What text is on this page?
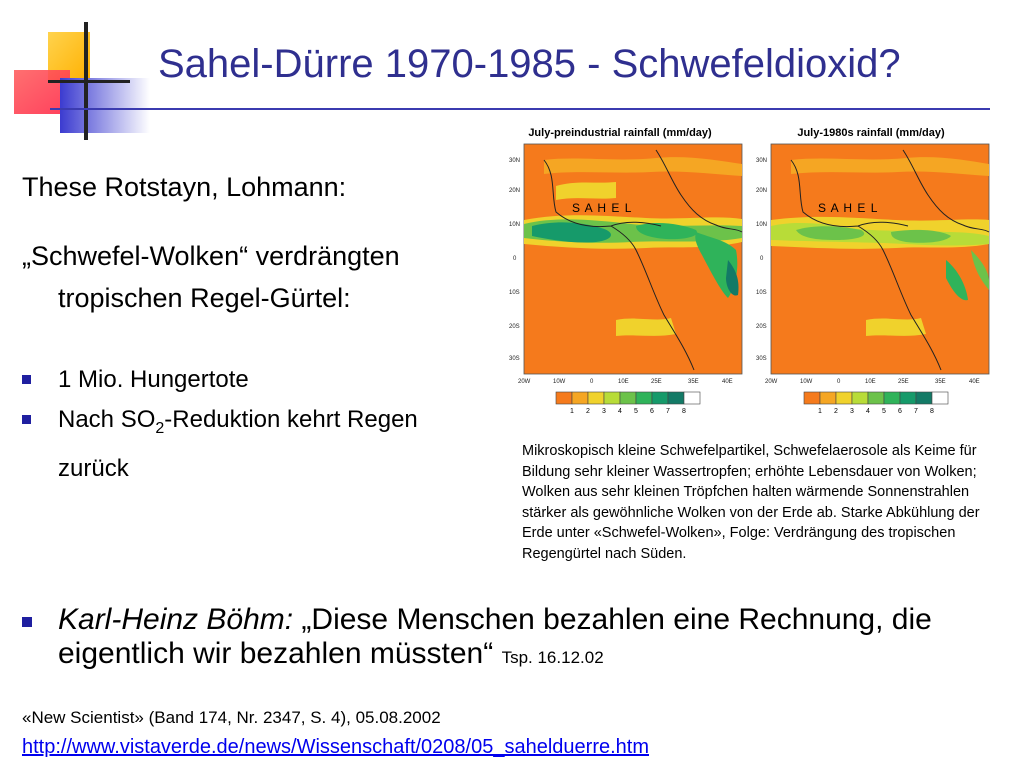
Sahel-Dürre 1970-1985 - Schwefeldioxid?
These Rotstayn, Lohmann:
„Schwefel-Wolken“ verdrängten
tropischen Regel-Gürtel:
1 Mio. Hungertote
Nach $SO_2$-Reduktion kehrt Regen
zurück
July-preindustrial rainfall (mm/day)	July-1980s rainfall (mm/day)
S A H E L	S A H E L
30N
20N
10N
0
10S
20S
30S
30N
20N
10N
0
10S
20S
30S
20W	10W	0	10E	25E	35E	40E	20W	10W	0	10E	25E	35E	40E
1 2 3 4 5 6 7 8	1 2 3 4 5 6 7 8
Mikroskopisch kleine Schwefelpartikel, Schwefelaerosole als Keime für Bildung sehr kleiner Wassertropfen; erhöhte Lebensdauer von Wolken; Wolken aus sehr kleinen Tröpfchen halten wärmende Sonnenstrahlen stärker als gewöhnliche Wolken von der Erde ab. Starke Abkühlung der Erde unter «Schwefel-Wolken», Folge: Verdrängung des tropischen Regengürtel nach Süden.
Karl-Heinz Böhm: „Diese Menschen bezahlen eine Rechnung, die eigentlich wir bezahlen müssten“ Tsp. 16.12.02
«New Scientist» (Band 174, Nr. 2347, S. 4), 05.08.2002
http://www.vistaverde.de/news/Wissenschaft/0208/05_sahelduerre.htm
